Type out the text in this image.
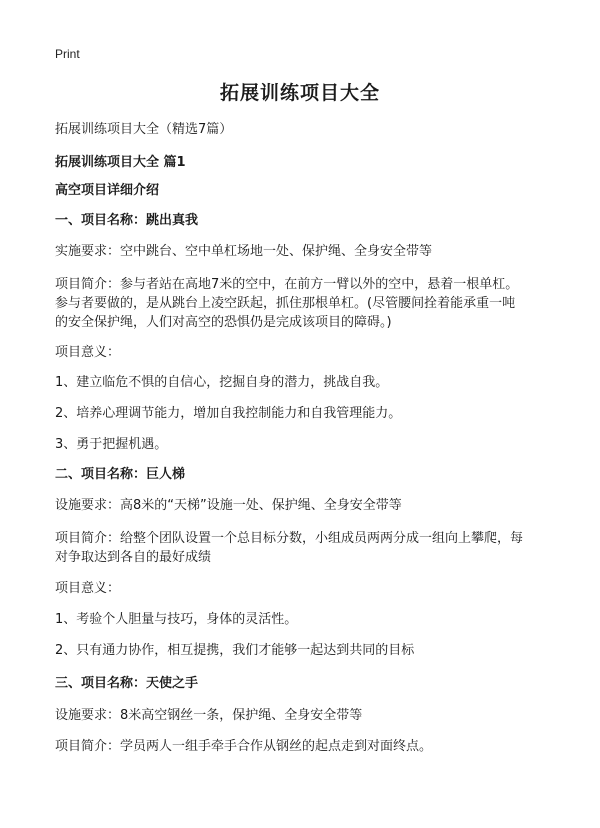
Print
拓展训练项目大全
拓展训练项目大全（精选7篇）
拓展训练项目大全 篇1
高空项目详细介绍
一、项目名称：跳出真我
实施要求：空中跳台、空中单杠场地一处、保护绳、全身安全带等
项目简介：参与者站在高地7米的空中，在前方一臂以外的空中，悬着一根单杠。
参与者要做的，是从跳台上凌空跃起，抓住那根单杠。(尽管腰间拴着能承重一吨
的安全保护绳，人们对高空的恐惧仍是完成该项目的障碍。)
项目意义：
1、建立临危不惧的自信心，挖掘自身的潜力，挑战自我。
2、培养心理调节能力，增加自我控制能力和自我管理能力。
3、勇于把握机遇。
二、项目名称：巨人梯
设施要求：高8米的“天梯”设施一处、保护绳、全身安全带等
项目简介：给整个团队设置一个总目标分数，小组成员两两分成一组向上攀爬，每
对争取达到各自的最好成绩
项目意义：
1、考验个人胆量与技巧，身体的灵活性。
2、只有通力协作，相互提携，我们才能够一起达到共同的目标
三、项目名称：天使之手
设施要求：8米高空钢丝一条，保护绳、全身安全带等
项目简介：学员两人一组手牵手合作从钢丝的起点走到对面终点。
